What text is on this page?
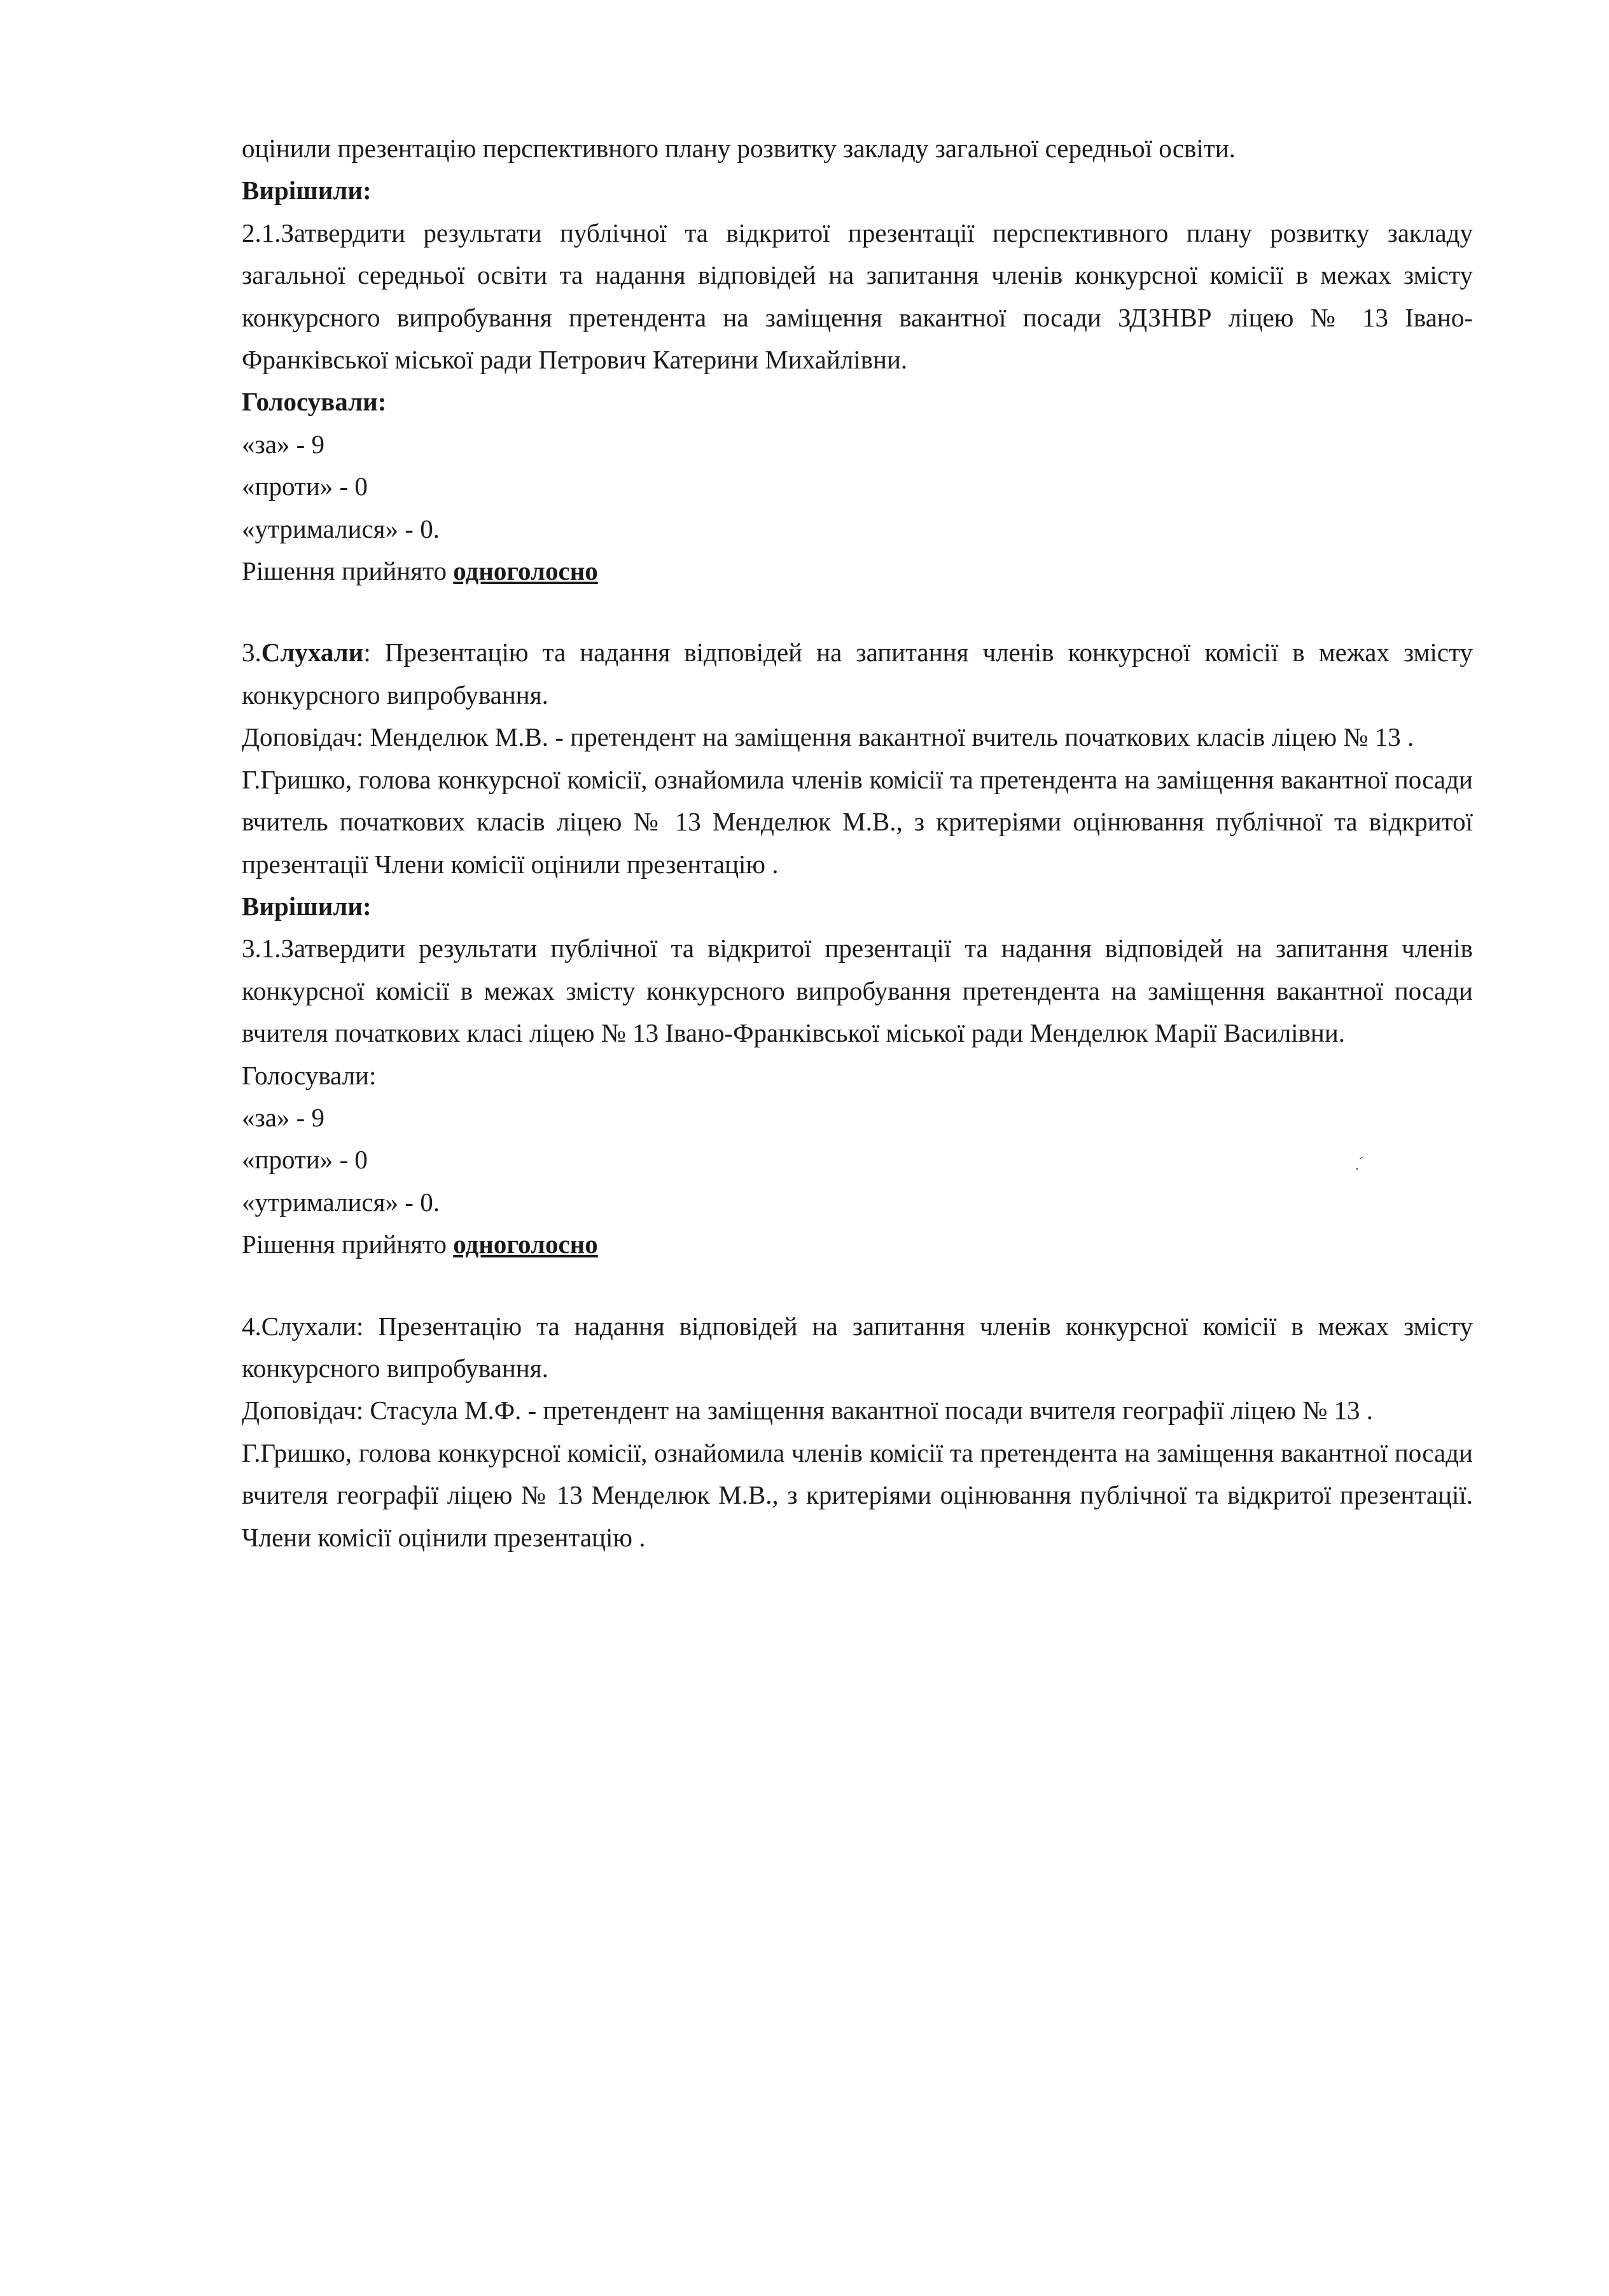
оцінили презентацію перспективного плану розвитку закладу загальної середньої освіти.

Вирішили:

2.1.Затвердити результати публічної та відкритої презентації перспективного плану розвитку закладу загальної середньої освіти та надання відповідей на запитання членів конкурсної комісії в межах змісту конкурсного випробування претендента на заміщення вакантної посади ЗДЗНВР ліцею № 13 Івано-Франківської міської ради Петрович Катерини Михайлівни.

Голосували:

«за» - 9

«проти» - 0

«утрималися» - 0.

Рішення прийнято одноголосно

3.Слухали: Презентацію та надання відповідей на запитання членів конкурсної комісії в межах змісту конкурсного випробування.

Доповідач: Менделюк М.В. - претендент на заміщення вакантної вчитель початкових класів ліцею № 13 .

Г.Гришко, голова конкурсної комісії, ознайомила членів комісії та претендента на заміщення вакантної посади вчитель початкових класів ліцею № 13 Менделюк М.В., з критеріями оцінювання публічної та відкритої презентації Члени комісії оцінили презентацію .

Вирішили:

3.1.Затвердити результати публічної та відкритої презентації та надання відповідей на запитання членів конкурсної комісії в межах змісту конкурсного випробування претендента на заміщення вакантної посади вчителя початкових класі ліцею № 13 Івано-Франківської міської ради Менделюк Марії Василівни.

Голосували:

«за» - 9

«проти» - 0

«утрималися» - 0.

Рішення прийнято одноголосно

4.Слухали: Презентацію та надання відповідей на запитання членів конкурсної комісії в межах змісту конкурсного випробування.

Доповідач: Стасула М.Ф. - претендент на заміщення вакантної посади вчителя географії ліцею № 13 .

Г.Гришко, голова конкурсної комісії, ознайомила членів комісії та претендента на заміщення вакантної посади вчителя географії ліцею № 13 Менделюк М.В., з критеріями оцінювання публічної та відкритої презентації. Члени комісії оцінили презентацію .

. ́
